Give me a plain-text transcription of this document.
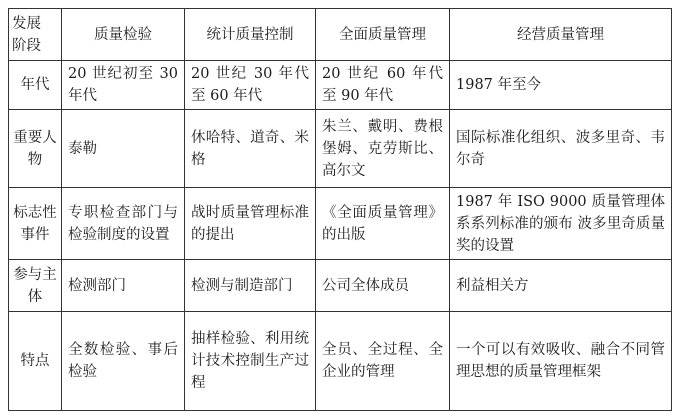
发展阶段	质量检验	统计质量控制	全面质量管理	经营质量管理
年代	20 世纪初至 30 年代	20 世纪 30 年代至 60 年代	20 世纪 60 年代至 90 年代	1987 年至今
重要人物	泰勒	休哈特、道奇、米格	朱兰、戴明、费根堡姆、克劳斯比、高尔文	国际标准化组织、波多里奇、韦尔奇
标志性事件	专职检查部门与检验制度的设置	战时质量管理标准的提出	《全面质量管理》的出版	1987 年 ISO 9000 质量管理体系系列标准的颁布 波多里奇质量奖的设置
参与主体	检测部门	检测与制造部门	公司全体成员	利益相关方
特点	全数检验、事后检验	抽样检验、利用统计技术控制生产过程	全员、全过程、全企业的管理	一个可以有效吸收、融合不同管理思想的质量管理框架
